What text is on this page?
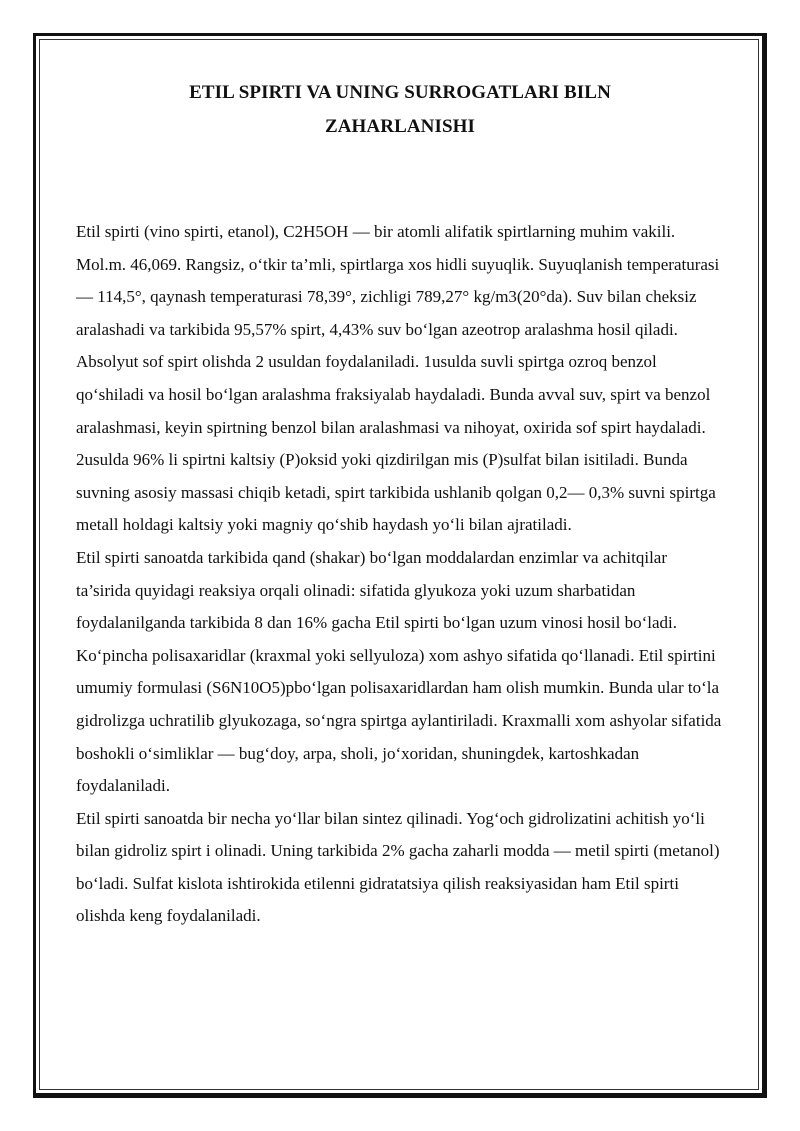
ETIL SPIRTI VA UNING SURROGATLARI BILN
ZAHARLANISHI

Etil spirti (vino spirti, etanol), C2H5OH — bir atomli alifatik spirtlarning muhim vakili. Mol.m. 46,069. Rangsiz, o‘tkir ta’mli, spirtlarga xos hidli suyuqlik. Suyuqlanish temperaturasi — 114,5°, qaynash temperaturasi 78,39°, zichligi 789,27° kg/m3(20°da). Suv bilan cheksiz aralashadi va tarkibida 95,57% spirt, 4,43% suv bo‘lgan azeotrop aralashma hosil qiladi. Absolyut sof spirt olishda 2 usuldan foydalaniladi. 1usulda suvli spirtga ozroq benzol qo‘shiladi va hosil bo‘lgan aralashma fraksiyalab haydaladi. Bunda avval suv, spirt va benzol aralashmasi, keyin spirtning benzol bilan aralashmasi va nihoyat, oxirida sof spirt haydaladi. 2usulda 96% li spirtni kaltsiy (P)oksid yoki qizdirilgan mis (P)sulfat bilan isitiladi. Bunda suvning asosiy massasi chiqib ketadi, spirt tarkibida ushlanib qolgan 0,2— 0,3% suvni spirtga metall holdagi kaltsiy yoki magniy qo‘shib haydash yo‘li bilan ajratiladi.

Etil spirti sanoatda tarkibida qand (shakar) bo‘lgan moddalardan enzimlar va achitqilar ta’sirida quyidagi reaksiya orqali olinadi: sifatida glyukoza yoki uzum sharbatidan foydalanilganda tarkibida 8 dan 16% gacha Etil spirti bo‘lgan uzum vinosi hosil bo‘ladi. Ko‘pincha polisaxaridlar (kraxmal yoki sellyuloza) xom ashyo sifatida qo‘llanadi. Etil spirtini umumiy formulasi (S6N10O5)pbo‘lgan polisaxaridlardan ham olish mumkin. Bunda ular to‘la gidrolizga uchratilib glyukozaga, so‘ngra spirtga aylantiriladi. Kraxmalli xom ashyolar sifatida boshokli o‘simliklar — bug‘doy, arpa, sholi, jo‘xoridan, shuningdek, kartoshkadan foydalaniladi.

Etil spirti sanoatda bir necha yo‘llar bilan sintez qilinadi. Yog‘och gidrolizatini achitish yo‘li bilan gidroliz spirt i olinadi. Uning tarkibida 2% gacha zaharli modda — metil spirti (metanol) bo‘ladi. Sulfat kislota ishtirokida etilenni gidratatsiya qilish reaksiyasidan ham Etil spirti olishda keng foydalaniladi.
